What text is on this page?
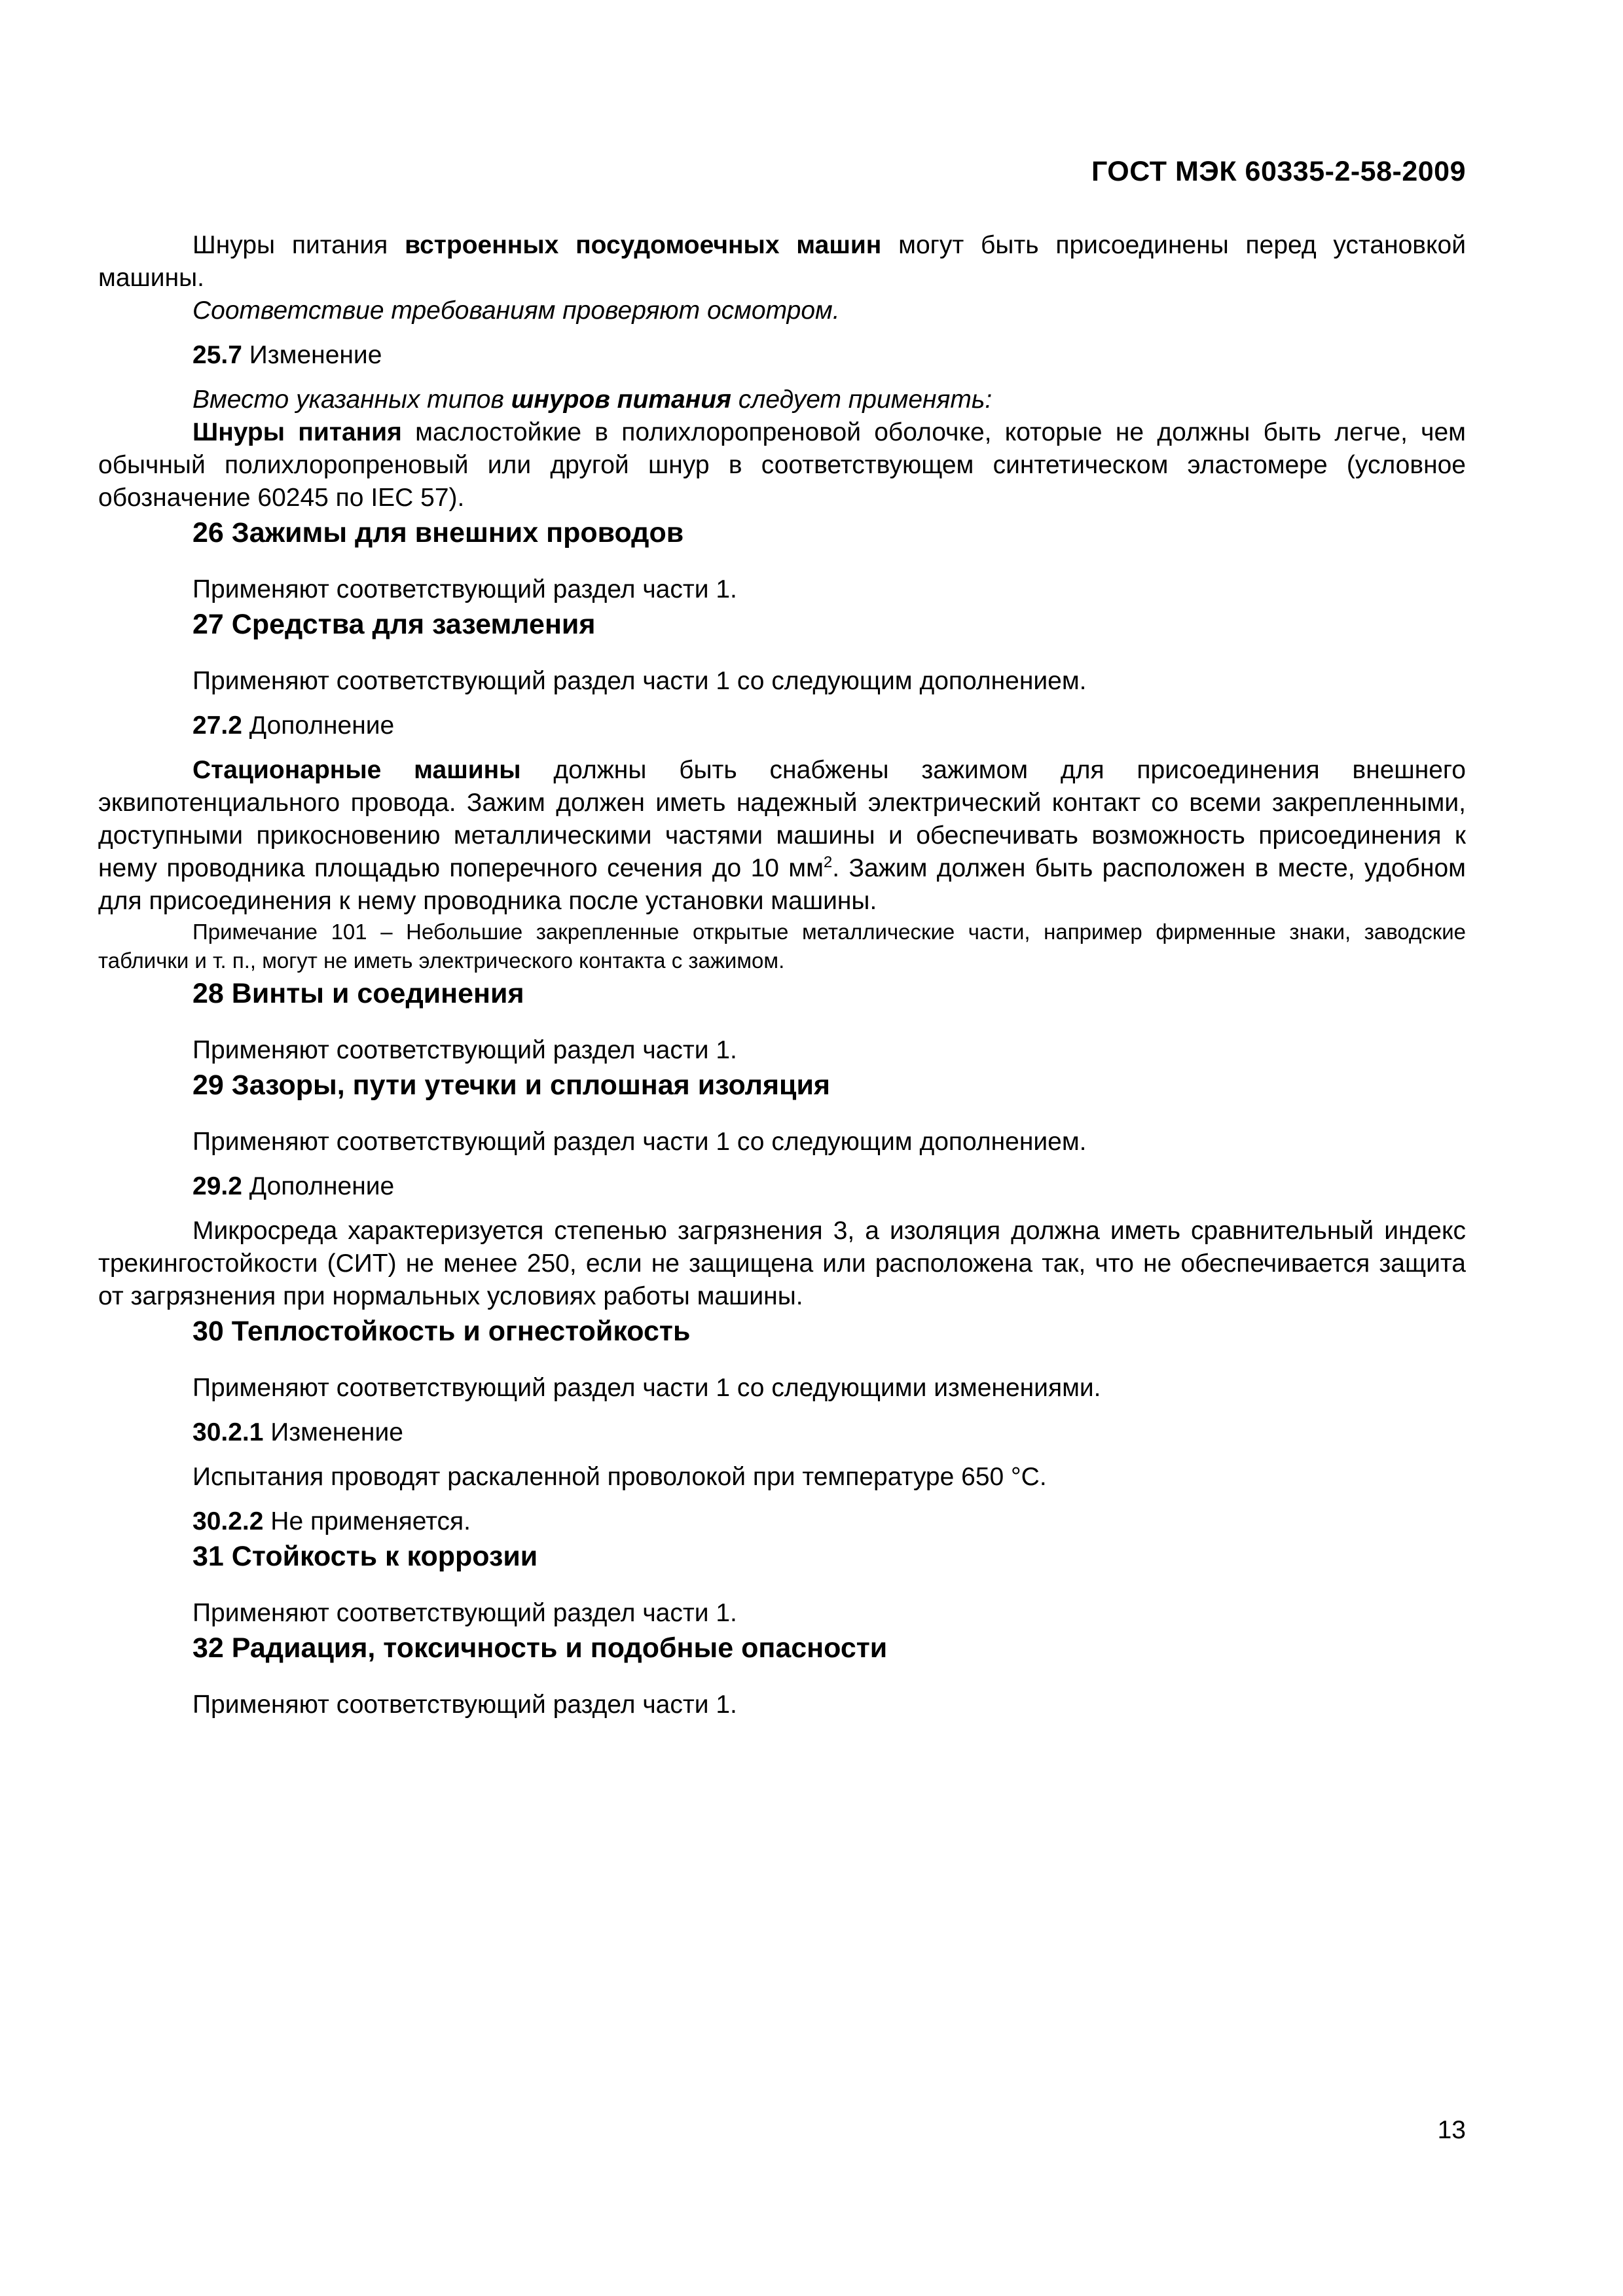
ГОСТ МЭК 60335-2-58-2009

Шнуры питания встроенных посудомоечных машин могут быть присоединены перед установкой машины.

Соответствие требованиям проверяют осмотром.

25.7 Изменение

Вместо указанных типов шнуров питания следует применять:

Шнуры питания маслостойкие в полихлоропреновой оболочке, которые не должны быть легче, чем обычный полихлоропреновый или другой шнур в соответствующем синтетическом эластомере (условное обозначение 60245 по IEC 57).

26 Зажимы для внешних проводов

Применяют соответствующий раздел части 1.

27 Средства для заземления

Применяют соответствующий раздел части 1 со следующим дополнением.

27.2 Дополнение

Стационарные машины должны быть снабжены зажимом для присоединения внешнего эквипотенциального провода. Зажим должен иметь надежный электрический контакт со всеми закрепленными, доступными прикосновению металлическими частями машины и обеспечивать возможность присоединения к нему проводника площадью поперечного сечения до 10 $мм^2$. Зажим должен быть расположен в месте, удобном для присоединения к нему проводника после установки машины.

Примечание 101 – Небольшие закрепленные открытые металлические части, например фирменные знаки, заводские таблички и т. п., могут не иметь электрического контакта с зажимом.

28 Винты и соединения

Применяют соответствующий раздел части 1.

29 Зазоры, пути утечки и сплошная изоляция

Применяют соответствующий раздел части 1 со следующим дополнением.

29.2 Дополнение

Микросреда характеризуется степенью загрязнения 3, а изоляция должна иметь сравнительный индекс трекингостойкости (СИТ) не менее 250, если не защищена или расположена так, что не обеспечивается защита от загрязнения при нормальных условиях работы машины.

30 Теплостойкость и огнестойкость

Применяют соответствующий раздел части 1 со следующими изменениями.

30.2.1 Изменение

Испытания проводят раскаленной проволокой при температуре 650 °С.

30.2.2 Не применяется.

31 Стойкость к коррозии

Применяют соответствующий раздел части 1.

32 Радиация, токсичность и подобные опасности

Применяют соответствующий раздел части 1.

13
